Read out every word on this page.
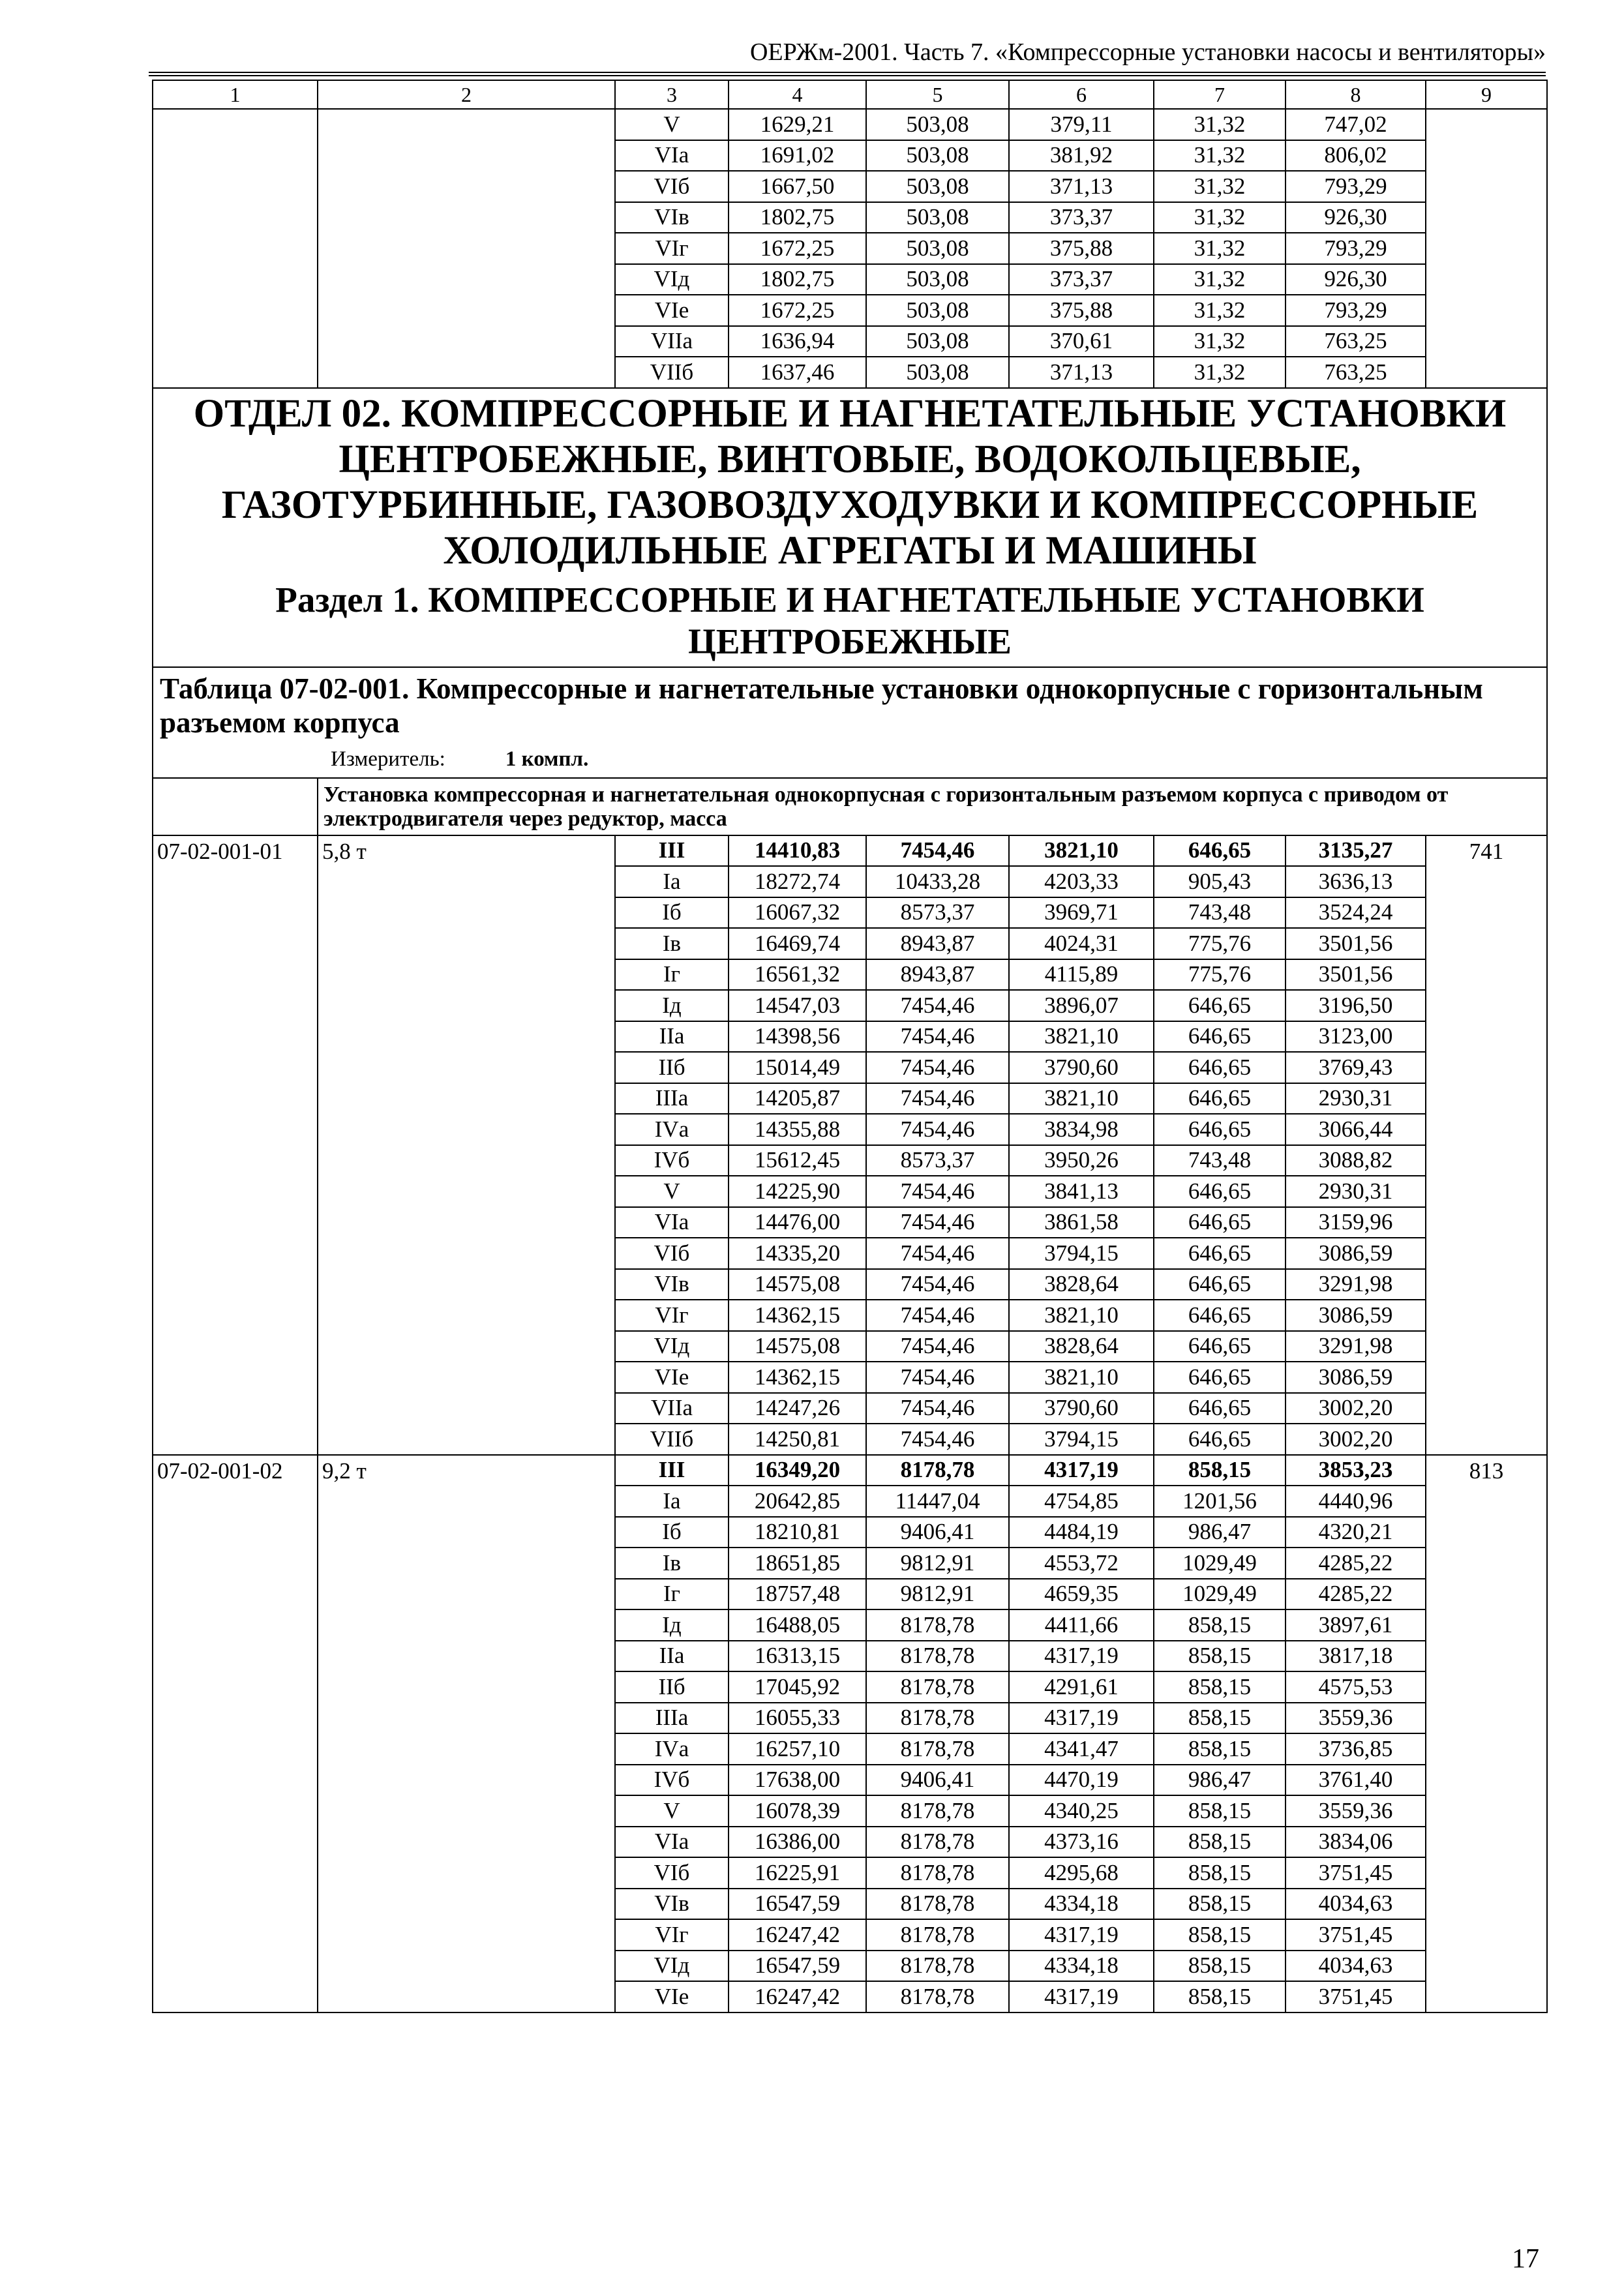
ОЕРЖм-2001. Часть 7. «Компрессорные установки насосы и вентиляторы»
1	2	3	4	5	6	7	8	9
		V	1629,21	503,08	379,11	31,32	747,02	
		VIа	1691,02	503,08	381,92	31,32	806,02	
		VIб	1667,50	503,08	371,13	31,32	793,29	
		VIв	1802,75	503,08	373,37	31,32	926,30	
		VIг	1672,25	503,08	375,88	31,32	793,29	
		VIд	1802,75	503,08	373,37	31,32	926,30	
		VIе	1672,25	503,08	375,88	31,32	793,29	
		VIIа	1636,94	503,08	370,61	31,32	763,25	
		VIIб	1637,46	503,08	371,13	31,32	763,25	

ОТДЕЛ 02. КОМПРЕССОРНЫЕ И НАГНЕТАТЕЛЬНЫЕ УСТАНОВКИ ЦЕНТРОБЕЖНЫЕ, ВИНТОВЫЕ, ВОДОКОЛЬЦЕВЫЕ, ГАЗОТУРБИННЫЕ, ГАЗОВОЗДУХОДУВКИ И КОМПРЕССОРНЫЕ ХОЛОДИЛЬНЫЕ АГРЕГАТЫ И МАШИНЫ
Раздел 1. КОМПРЕССОРНЫЕ И НАГНЕТАТЕЛЬНЫЕ УСТАНОВКИ ЦЕНТРОБЕЖНЫЕ								

Таблица 07-02-001. Компрессорные и нагнетательные установки однокорпусные с горизонтальным разъемом корпуса
Измеритель: 1 компл.								

	Установка компрессорная и нагнетательная однокорпусная с горизонтальным разъемом корпуса с приводом от электродвигателя через редуктор, масса							
07-02-001-01	5,8 т	III	14410,83	7454,46	3821,10	646,65	3135,27	741
		Iа	18272,74	10433,28	4203,33	905,43	3636,13	
		Iб	16067,32	8573,37	3969,71	743,48	3524,24	
		Iв	16469,74	8943,87	4024,31	775,76	3501,56	
		Iг	16561,32	8943,87	4115,89	775,76	3501,56	
		Iд	14547,03	7454,46	3896,07	646,65	3196,50	
		IIа	14398,56	7454,46	3821,10	646,65	3123,00	
		IIб	15014,49	7454,46	3790,60	646,65	3769,43	
		IIIа	14205,87	7454,46	3821,10	646,65	2930,31	
		IVа	14355,88	7454,46	3834,98	646,65	3066,44	
		IVб	15612,45	8573,37	3950,26	743,48	3088,82	
		V	14225,90	7454,46	3841,13	646,65	2930,31	
		VIа	14476,00	7454,46	3861,58	646,65	3159,96	
		VIб	14335,20	7454,46	3794,15	646,65	3086,59	
		VIв	14575,08	7454,46	3828,64	646,65	3291,98	
		VIг	14362,15	7454,46	3821,10	646,65	3086,59	
		VIд	14575,08	7454,46	3828,64	646,65	3291,98	
		VIе	14362,15	7454,46	3821,10	646,65	3086,59	
		VIIа	14247,26	7454,46	3790,60	646,65	3002,20	
		VIIб	14250,81	7454,46	3794,15	646,65	3002,20	
07-02-001-02	9,2 т	III	16349,20	8178,78	4317,19	858,15	3853,23	813
		Iа	20642,85	11447,04	4754,85	1201,56	4440,96	
		Iб	18210,81	9406,41	4484,19	986,47	4320,21	
		Iв	18651,85	9812,91	4553,72	1029,49	4285,22	
		Iг	18757,48	9812,91	4659,35	1029,49	4285,22	
		Iд	16488,05	8178,78	4411,66	858,15	3897,61	
		IIа	16313,15	8178,78	4317,19	858,15	3817,18	
		IIб	17045,92	8178,78	4291,61	858,15	4575,53	
		IIIа	16055,33	8178,78	4317,19	858,15	3559,36	
		IVа	16257,10	8178,78	4341,47	858,15	3736,85	
		IVб	17638,00	9406,41	4470,19	986,47	3761,40	
		V	16078,39	8178,78	4340,25	858,15	3559,36	
		VIа	16386,00	8178,78	4373,16	858,15	3834,06	
		VIб	16225,91	8178,78	4295,68	858,15	3751,45	
		VIв	16547,59	8178,78	4334,18	858,15	4034,63	
		VIг	16247,42	8178,78	4317,19	858,15	3751,45	
		VIд	16547,59	8178,78	4334,18	858,15	4034,63	
		VIе	16247,42	8178,78	4317,19	858,15	3751,45	
17
